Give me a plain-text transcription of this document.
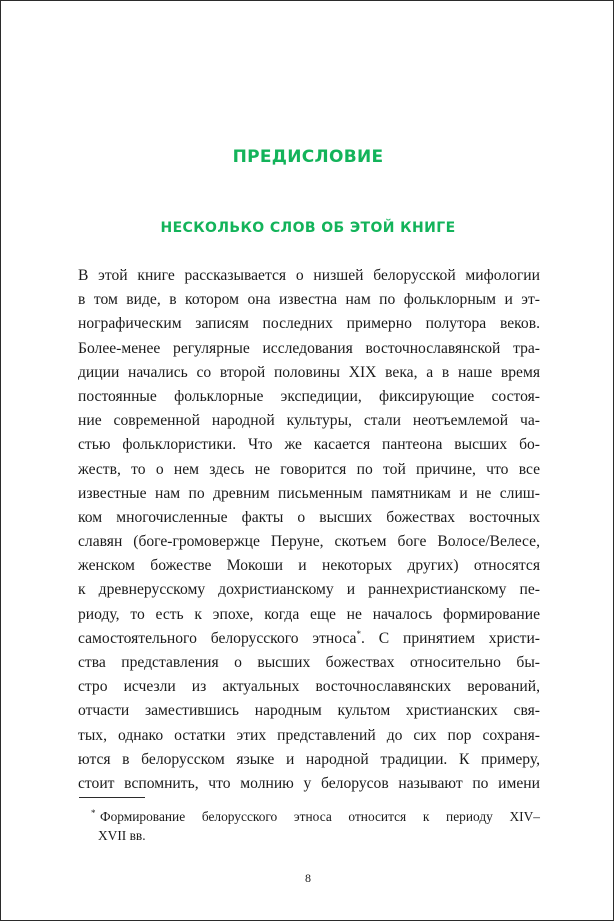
ПРЕДИСЛОВИЕ
НЕСКОЛЬКО СЛОВ ОБ ЭТОЙ КНИГЕ
В этой книге рассказывается о низшей белорусской мифологии
в том виде, в котором она известна нам по фольклорным и эт-
нографическим записям последних примерно полутора веков.
Более-менее регулярные исследования восточнославянской тра-
диции начались со второй половины XIX века, а в наше время
постоянные фольклорные экспедиции, фиксирующие состоя-
ние современной народной культуры, стали неотъемлемой ча-
стью фольклористики. Что же касается пантеона высших бо-
жеств, то о нем здесь не говорится по той причине, что все
известные нам по древним письменным памятникам и не слиш-
ком многочисленные факты о высших божествах восточных
славян (боге-громовержце Перуне, скотьем боге Волосе/Велесе,
женском божестве Мокоши и некоторых других) относятся
к древнерусскому дохристианскому и раннехристианскому пе-
риоду, то есть к эпохе, когда еще не началось формирование
самостоятельного белорусского этноса*. С принятием христи-
ства представления о высших божествах относительно бы-
стро исчезли из актуальных восточнославянских верований,
отчасти заместившись народным культом христианских свя-
тых, однако остатки этих представлений до сих пор сохраня-
ются в белорусском языке и народной традиции. К примеру,
стоит вспомнить, что молнию у белорусов называют по имени
* Формирование белорусского этноса относится к периоду XIV–
XVII вв.
8
